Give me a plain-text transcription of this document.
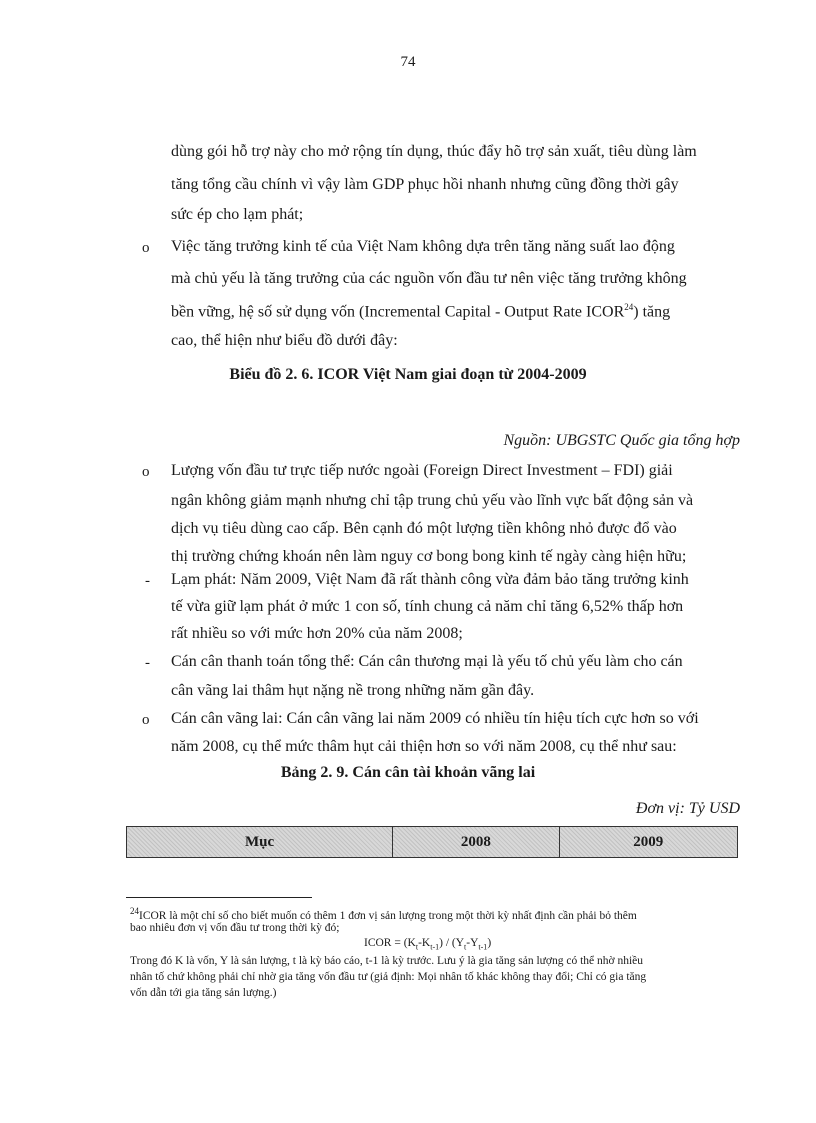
74
dùng gói hỗ trợ này cho mở rộng tín dụng, thúc đẩy hõ trợ sản xuất, tiêu dùng làm
tăng tổng cầu chính vì vậy làm GDP phục hồi nhanh nhưng cũng đồng thời gây
sức ép cho lạm phát;
o Việc tăng trưởng kinh tế của Việt Nam không dựa trên tăng năng suất lao động
mà chủ yếu là tăng trưởng của các nguồn vốn đầu tư nên việc tăng trưởng không
bền vững, hệ số sử dụng vốn (Incremental Capital - Output Rate ICOR$^{24}$) tăng
cao, thể hiện như biểu đồ dưới đây:
Biểu đồ 2. 6. ICOR Việt Nam giai đoạn từ 2004-2009
Nguồn: UBGSTC Quốc gia tổng hợp
o Lượng vốn đầu tư trực tiếp nước ngoài (Foreign Direct Investment – FDI) giải
ngân không giảm mạnh nhưng chỉ tập trung chủ yếu vào lĩnh vực bất động sản và
dịch vụ tiêu dùng cao cấp. Bên cạnh đó một lượng tiền không nhỏ được đổ vào
thị trường chứng khoán nên làm nguy cơ bong bong kinh tế ngày càng hiện hữu;
- Lạm phát: Năm 2009, Việt Nam đã rất thành công vừa đảm bảo tăng trưởng kinh
tế vừa giữ lạm phát ở mức 1 con số, tính chung cả năm chỉ tăng 6,52% thấp hơn
rất nhiều so với mức hơn 20% của năm 2008;
- Cán cân thanh toán tổng thể: Cán cân thương mại là yếu tố chủ yếu làm cho cán
cân vãng lai thâm hụt nặng nề trong những năm gần đây.
o Cán cân vãng lai: Cán cân vãng lai năm 2009 có nhiều tín hiệu tích cực hơn so với
năm 2008, cụ thể mức thâm hụt cải thiện hơn so với năm 2008, cụ thể như sau:
Bảng 2. 9. Cán cân tài khoản vãng lai
Đơn vị: Tỷ USD
Mục	2008	2009
$^{24}$ICOR là một chỉ số cho biết muốn có thêm 1 đơn vị sản lượng trong một thời kỳ nhất định cần phải bỏ thêm
bao nhiêu đơn vị vốn đầu tư trong thời kỳ đó;
ICOR = $(K_t-K_{t-1}) / (Y_t-Y_{t-1})$
Trong đó K là vốn, Y là sản lượng, t là kỳ báo cáo, t-1 là kỳ trước. Lưu ý là gia tăng sản lượng có thể nhờ nhiều
nhân tố chứ không phải chỉ nhờ gia tăng vốn đầu tư (giả định: Mọi nhân tố khác không thay đổi; Chỉ có gia tăng
vốn dẫn tới gia tăng sản lượng.)
